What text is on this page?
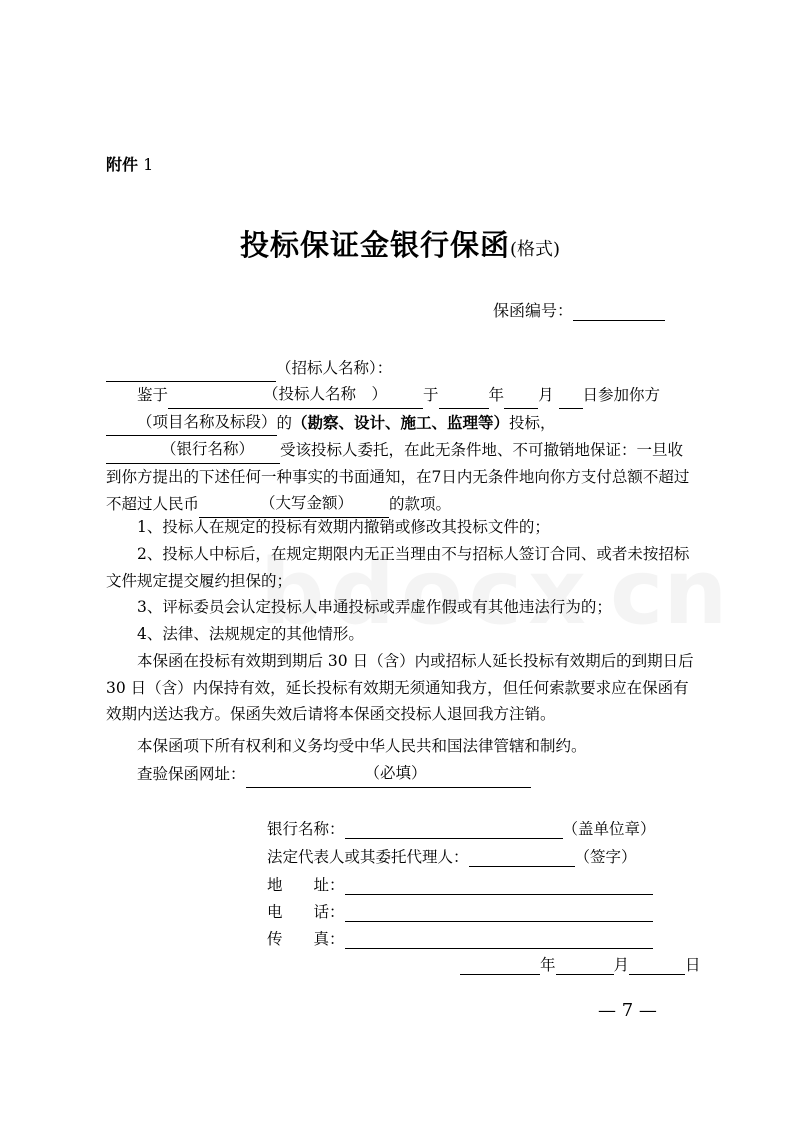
附件 1
投标保证金银行保函(格式)
保函编号：
（招标人名称）：
鉴于	（投标人名称　） 于	年 月 日参加你方（项目名称及标段）的（勘察、设计、施工、监理等）投标，（银行名称） 受该投标人委托，在此无条件地、不可撤销地保证：一旦收到你方提出的下述任何一种事实的书面通知，在7日内无条件地向你方支付总额不超过不超过人民币	（大写金额） 的款项。
1、投标人在规定的投标有效期内撤销或修改其投标文件的；
2、投标人中标后，在规定期限内无正当理由不与招标人签订合同、或者未按招标文件规定提交履约担保的；
3、评标委员会认定投标人串通投标或弄虚作假或有其他违法行为的；
4、法律、法规规定的其他情形。
本保函在投标有效期到期后 30 日（含）内或招标人延长投标有效期后的到期日后 30 日（含）内保持有效，延长投标有效期无须通知我方，但任何索款要求应在保函有效期内送达我方。保函失效后请将本保函交投标人退回我方注销。
本保函项下所有权利和义务均受中华人民共和国法律管辖和制约。
查验保函网址：	（必填）
银行名称：	（盖单位章）
法定代表人或其委托代理人：	（签字）
地　　址：
电　　话：
传　　真：
年	月	日
— 7 —
